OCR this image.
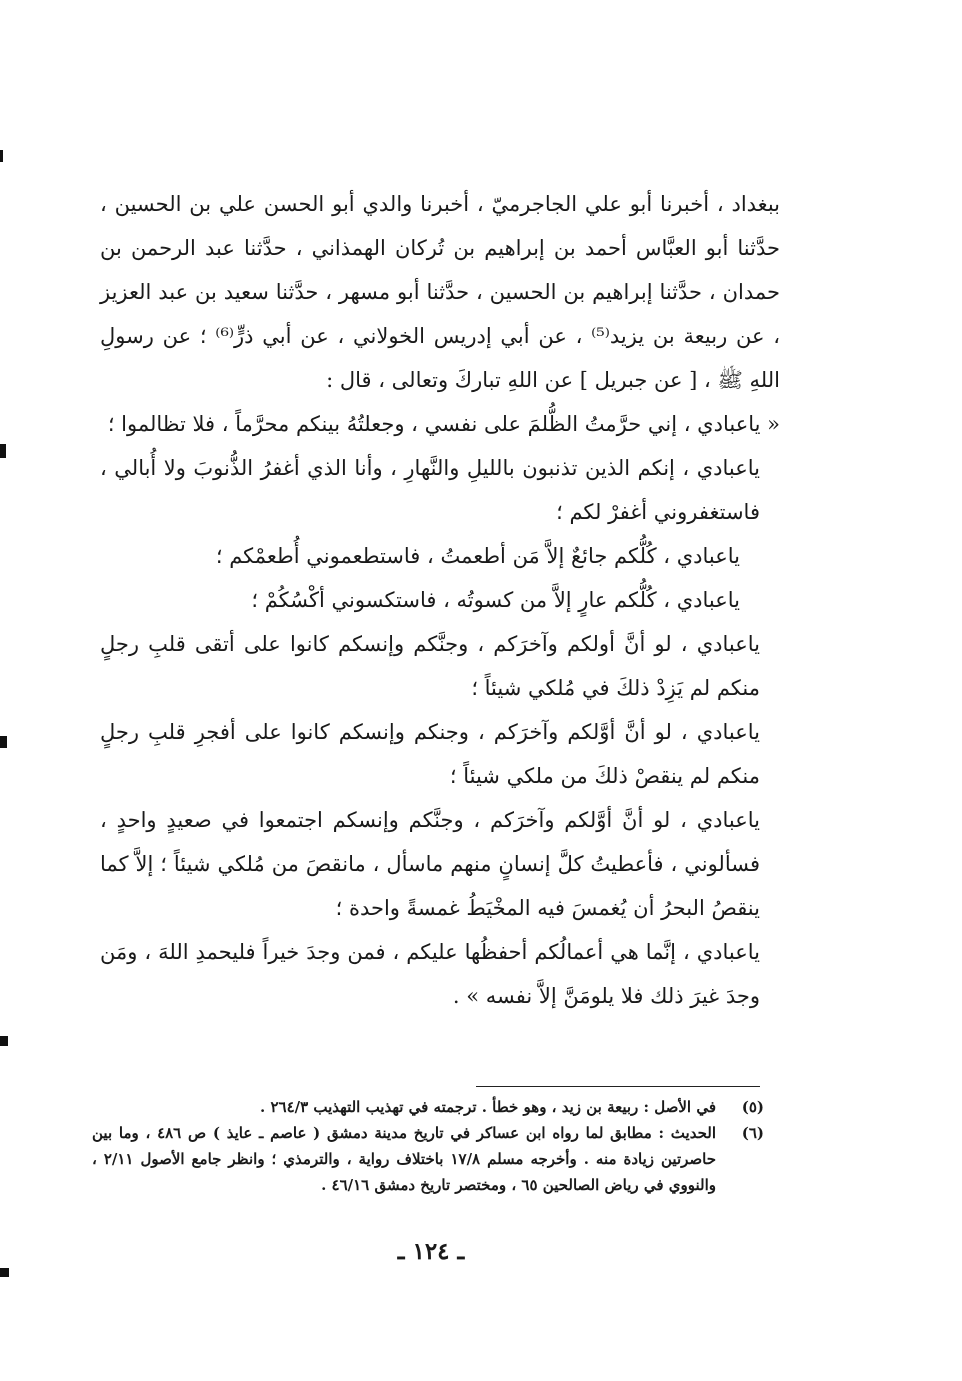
ببغداد ، أخبرنا أبو علي الجاجرميّ ، أخبرنا والدي أبو الحسن علي بن الحسين ، حدَّثنا أبو العبَّاس أحمد بن إبراهيم بن تُركان الهمذاني ، حدَّثنا عبد الرحمن بن حمدان ، حدَّثنا إبراهيم بن الحسين ، حدَّثنا أبو مسهر ، حدَّثنا سعيد بن عبد العزيز ، عن ربيعة بن يزيد⁽⁵⁾ ، عن أبي إدريس الخولاني ، عن أبي ذرٍّ⁽⁶⁾ ؛ عن رسولِ اللهِ ﷺ ، [ عن جبريل ] عن اللهِ تباركَ وتعالى ، قال :

« ياعبادي ، إني حرَّمتُ الظُّلمَ على نفسي ، وجعلتُهُ بينكم محرَّماً ، فلا تظالموا ؛

ياعبادي ، إنكم الذين تذنبون بالليلِ والنَّهارِ ، وأنا الذي أغفرُ الذُّنوبَ ولا أُبالي ، فاستغفروني أغفرْ لكم ؛

ياعبادي ، كُلُّكم جائعٌ إلاَّ مَن أطعمتُ ، فاستطعموني أُطعمْكم ؛

ياعبادي ، كُلُّكم عارٍ إلاَّ من كسوتُه ، فاستكسوني أكْسُكُمْ ؛

ياعبادي ، لو أنَّ أولكم وآخرَكم ، وجنَّكم وإنسكم كانوا على أتقى قلبِ رجلٍ منكم لم يَزِدْ ذلكَ في مُلكي شيئاً ؛

ياعبادي ، لو أنَّ أوَّلكم وآخرَكم ، وجنكم وإنسكم كانوا على أفجرِ قلبِ رجلٍ منكم لم ينقصْ ذلكَ من ملكي شيئاً ؛

ياعبادي ، لو أنَّ أوَّلكم وآخرَكم ، وجنَّكم وإنسكم اجتمعوا في صعيدٍ واحدٍ ، فسألوني ، فأعطيتُ كلَّ إنسانٍ منهم ماسأل ، مانقصَ من مُلكي شيئاً ؛ إلاَّ كما ينقصُ البحرُ أن يُغمسَ فيه المخْيَطُ غمسةً واحدة ؛

ياعبادي ، إنَّما هي أعمالُكم أحفظُها عليكم ، فمن وجدَ خيراً فليحمدِ اللهَ ، ومَن وجدَ غيرَ ذلك فلا يلومَنَّ إلاَّ نفسه » .

(٥)
في الأصل : ربيعة بن زيد ، وهو خطأ . ترجمته في تهذيب التهذيب ٢٦٤/٣ .
(٦)
الحديث : مطابق لما رواه ابن عساكر في تاريخ مدينة دمشق ( عاصم ـ عايذ ) ص ٤٨٦ ، وما بين حاصرتين زيادة منه . وأخرجه مسلم ١٧/٨ باختلاف رواية ، والترمذي ؛ وانظر جامع الأصول ٢/١١ ، والنووي في رياض الصالحين ٦٥ ، ومختصر تاريخ دمشق ٤٦/١٦ .
ـ ١٢٤ ـ
